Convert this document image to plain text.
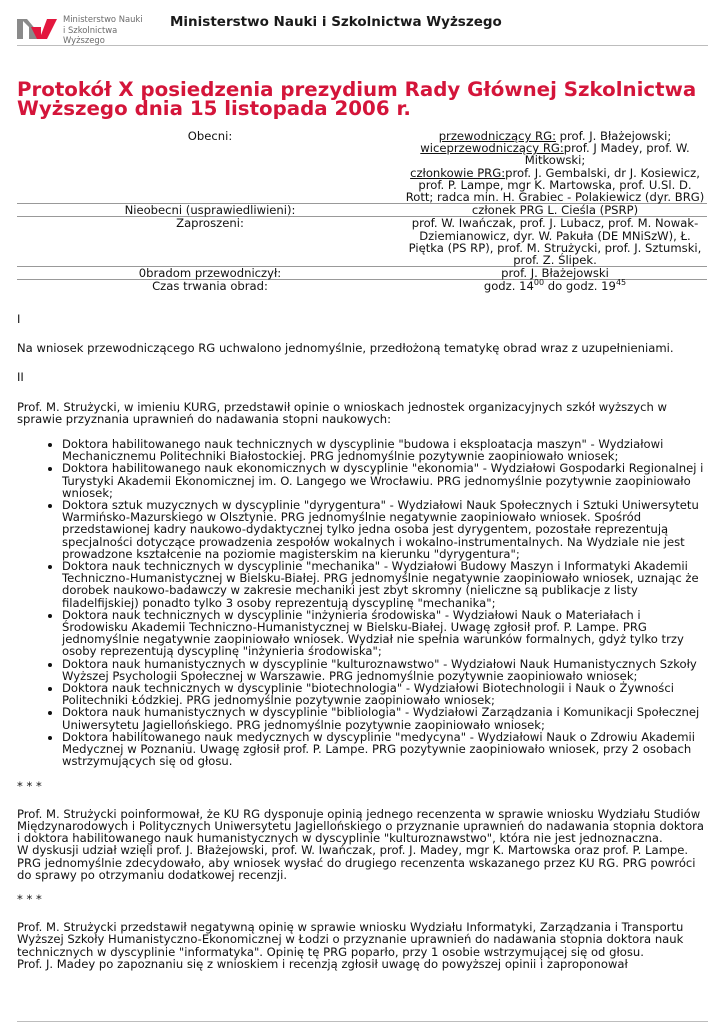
Ministerstwo Nauki
i Szkolnictwa Wyższego
Ministerstwo Nauki i Szkolnictwa Wyższego
Protokół X posiedzenia prezydium Rady Głównej Szkolnictwa Wyższego dnia 15 listopada 2006 r.
Obecni:	przewodniczący RG: prof. J. Błażejowski;
wiceprzewodniczący RG:prof. J Madey, prof. W. Mitkowski;
członkowie PRG:prof. J. Gembalski, dr J. Kosiewicz, prof. P. Lampe, mgr K. Martowska, prof. U.Sl. D. Rott; radca min. H. Grabiec - Polakiewicz (dyr. BRG)
Nieobecni (usprawiedliwieni):	członek PRG L. Cieśla (PSRP)
Zaproszeni:	prof. W. Iwańczak, prof. J. Lubacz, prof. M. Nowak-Dziemianowicz, dyr. W. Pakuła (DE MNiSzW), Ł. Piętka (PS RP), prof. M. Strużycki, prof. J. Sztumski, prof. Z. Ślipek.
0bradom przewodniczył:	prof. J. Błażejowski
Czas trwania obrad:	godz. $14^{00}$ do godz. $19^{45}$

I

Na wniosek przewodniczącego RG uchwalono jednomyślnie, przedłożoną tematykę obrad wraz z uzupełnieniami.

II

Prof. M. Strużycki, w imieniu KURG, przedstawił opinie o wnioskach jednostek organizacyjnych szkół wyższych w sprawie przyznania uprawnień do nadawania stopni naukowych:

• Doktora habilitowanego nauk technicznych w dyscyplinie "budowa i eksploatacja maszyn" - Wydziałowi Mechanicznemu Politechniki Białostockiej. PRG jednomyślnie pozytywnie zaopiniowało wniosek;
• Doktora habilitowanego nauk ekonomicznych w dyscyplinie "ekonomia" - Wydziałowi Gospodarki Regionalnej i Turystyki Akademii Ekonomicznej im. O. Langego we Wrocławiu. PRG jednomyślnie pozytywnie zaopiniowało wniosek;
• Doktora sztuk muzycznych w dyscyplinie "dyrygentura" - Wydziałowi Nauk Społecznych i Sztuki Uniwersytetu Warmińsko-Mazurskiego w Olsztynie. PRG jednomyślnie negatywnie zaopiniowało wniosek. Spośród przedstawionej kadry naukowo-dydaktycznej tylko jedna osoba jest dyrygentem, pozostałe reprezentują specjalności dotyczące prowadzenia zespołów wokalnych i wokalno-instrumentalnych. Na Wydziale nie jest prowadzone kształcenie na poziomie magisterskim na kierunku "dyrygentura";
• Doktora nauk technicznych w dyscyplinie "mechanika" - Wydziałowi Budowy Maszyn i Informatyki Akademii Techniczno-Humanistycznej w Bielsku-Białej. PRG jednomyślnie negatywnie zaopiniowało wniosek, uznając że dorobek naukowo-badawczy w zakresie mechaniki jest zbyt skromny (nieliczne są publikacje z listy filadelfijskiej) ponadto tylko 3 osoby reprezentują dyscyplinę "mechanika";
• Doktora nauk technicznych w dyscyplinie "inżynieria środowiska" - Wydziałowi Nauk o Materiałach i Środowisku Akademii Techniczno-Humanistycznej w Bielsku-Białej. Uwagę zgłosił prof. P. Lampe. PRG jednomyślnie negatywnie zaopiniowało wniosek. Wydział nie spełnia warunków formalnych, gdyż tylko trzy osoby reprezentują dyscyplinę "inżynieria środowiska";
• Doktora nauk humanistycznych w dyscyplinie "kulturoznawstwo" - Wydziałowi Nauk Humanistycznych Szkoły Wyższej Psychologii Społecznej w Warszawie. PRG jednomyślnie pozytywnie zaopiniowało wniosek;
• Doktora nauk technicznych w dyscyplinie "biotechnologia" - Wydziałowi Biotechnologii i Nauk o Żywności Politechniki Łódzkiej. PRG jednomyślnie pozytywnie zaopiniowało wniosek;
• Doktora nauk humanistycznych w dyscyplinie "bibliologia" - Wydziałowi Zarządzania i Komunikacji Społecznej Uniwersytetu Jagiellońskiego. PRG jednomyślnie pozytywnie zaopiniowało wniosek;
• Doktora habilitowanego nauk medycznych w dyscyplinie "medycyna" - Wydziałowi Nauk o Zdrowiu Akademii Medycznej w Poznaniu. Uwagę zgłosił prof. P. Lampe. PRG pozytywnie zaopiniowało wniosek, przy 2 osobach wstrzymujących się od głosu.

* * *

Prof. M. Strużycki poinformował, że KU RG dysponuje opinią jednego recenzenta w sprawie wniosku Wydziału Studiów Międzynarodowych i Politycznych Uniwersytetu Jagiellońskiego o przyznanie uprawnień do nadawania stopnia doktora i doktora habilitowanego nauk humanistycznych w dyscyplinie "kulturoznawstwo", która nie jest jednoznaczna.

W dyskusji udział wzięli prof. J. Błażejowski, prof. W. Iwańczak, prof. J. Madey, mgr K. Martowska oraz prof. P. Lampe.

PRG jednomyślnie zdecydowało, aby wniosek wysłać do drugiego recenzenta wskazanego przez KU RG. PRG powróci do sprawy po otrzymaniu dodatkowej recenzji.

* * *

Prof. M. Strużycki przedstawił negatywną opinię w sprawie wniosku Wydziału Informatyki, Zarządzania i Transportu Wyższej Szkoły Humanistyczno-Ekonomicznej w Łodzi o przyznanie uprawnień do nadawania stopnia doktora nauk technicznych w dyscyplinie "informatyka". Opinię tę PRG poparło, przy 1 osobie wstrzymującej się od głosu.

Prof. J. Madey po zapoznaniu się z wnioskiem i recenzją zgłosił uwagę do powyższej opinii i zaproponował
